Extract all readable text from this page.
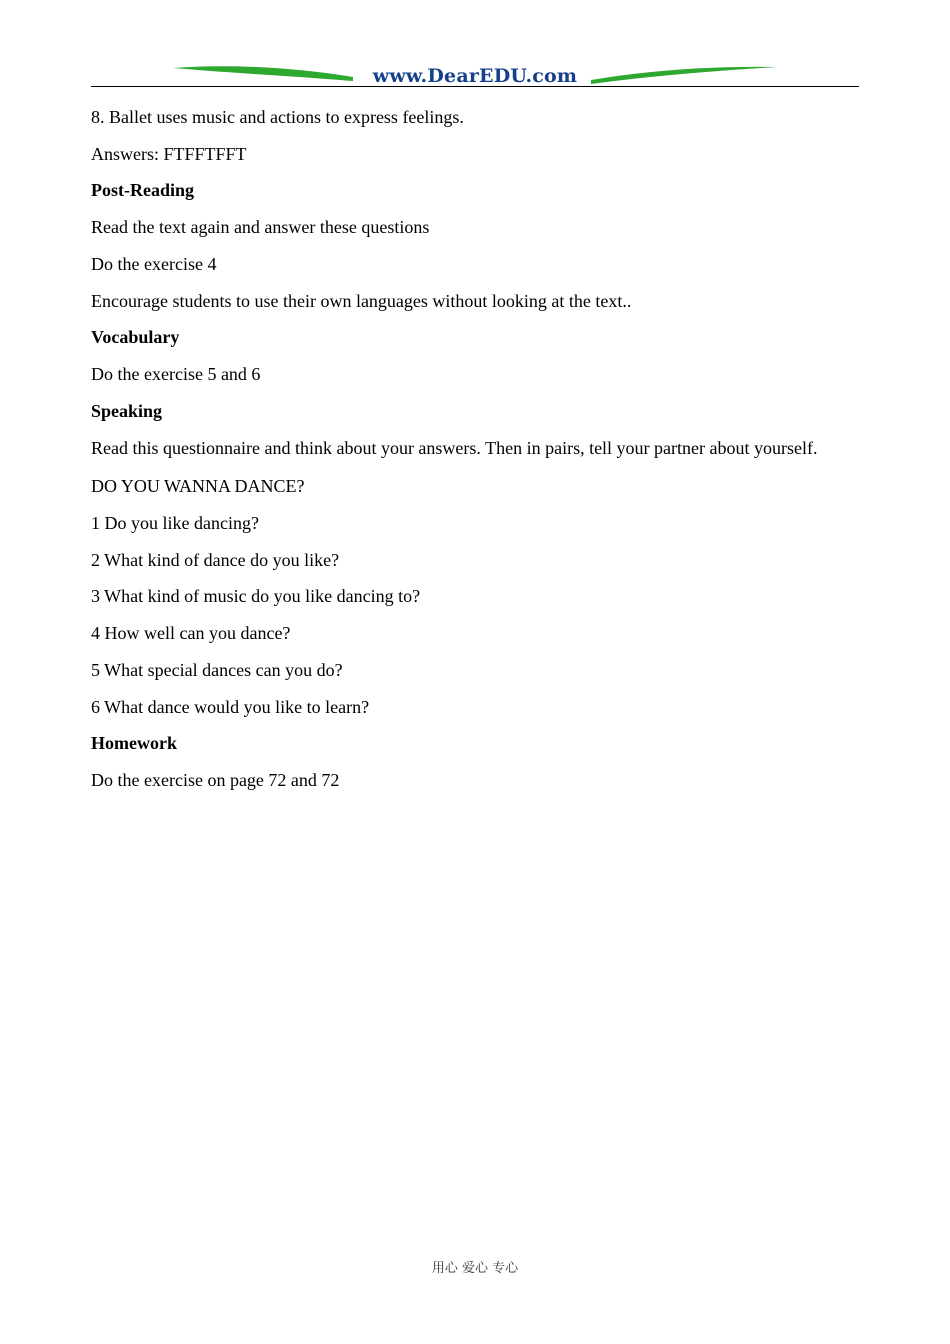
www.DearEDU.com

8. Ballet uses music and actions to express feelings.

Answers: FTFFTFFT

Post-Reading

Read the text again and answer these questions

Do the exercise 4

Encourage students to use their own languages without looking at the text..

Vocabulary

Do the exercise 5 and 6

Speaking

Read this questionnaire and think about your answers. Then in pairs, tell your partner about yourself.

DO YOU WANNA DANCE?

1 Do you like dancing?

2 What kind of dance do you like?

3 What kind of music do you like dancing to?

4 How well can you dance?

5 What special dances can you do?

6 What dance would you like to learn?

Homework

Do the exercise on page 72 and 72

用心 爱心 专心
